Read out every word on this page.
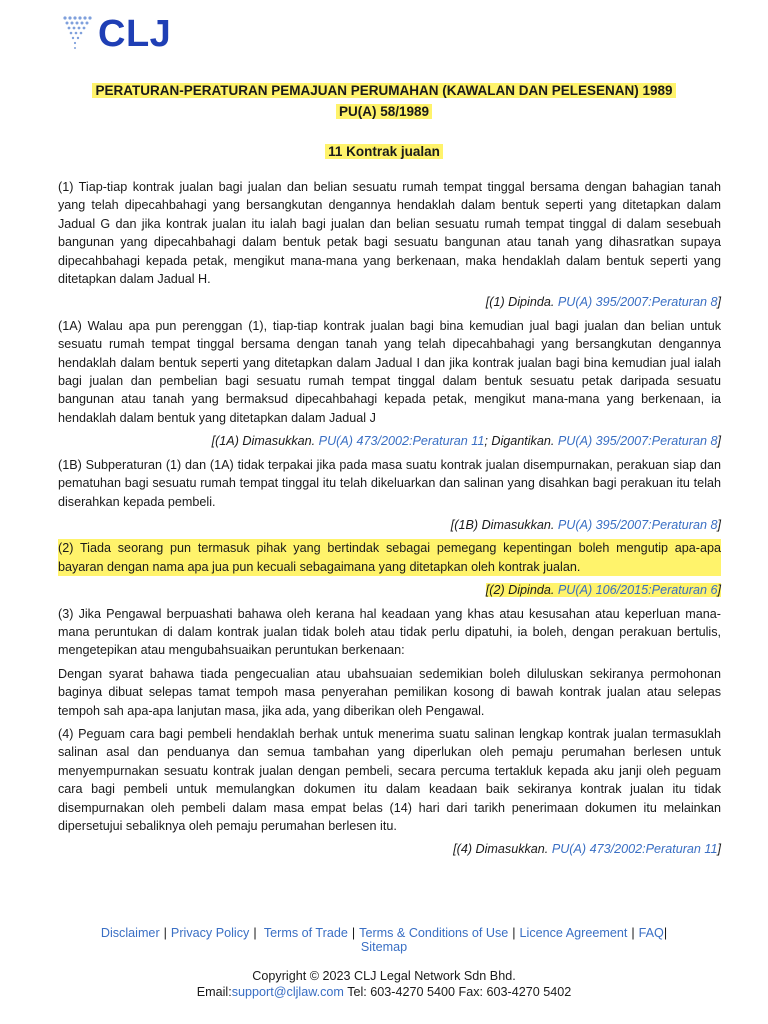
CLJ
PERATURAN-PERATURAN PEMAJUAN PERUMAHAN (KAWALAN DAN PELESENAN) 1989
PU(A) 58/1989
11 Kontrak jualan

(1) Tiap-tiap kontrak jualan bagi jualan dan belian sesuatu rumah tempat tinggal bersama dengan bahagian tanah yang telah dipecahbahagi yang bersangkutan dengannya hendaklah dalam bentuk seperti yang ditetapkan dalam Jadual G dan jika kontrak jualan itu ialah bagi jualan dan belian sesuatu rumah tempat tinggal di dalam sesebuah bangunan yang dipecahbahagi dalam bentuk petak bagi sesuatu bangunan atau tanah yang dihasratkan supaya dipecahbahagi kepada petak, mengikut mana-mana yang berkenaan, maka hendaklah dalam bentuk seperti yang ditetapkan dalam Jadual H.

[(1) Dipinda. PU(A) 395/2007:Peraturan 8]

(1A) Walau apa pun perenggan (1), tiap-tiap kontrak jualan bagi bina kemudian jual bagi jualan dan belian untuk sesuatu rumah tempat tinggal bersama dengan tanah yang telah dipecahbahagi yang bersangkutan dengannya hendaklah dalam bentuk seperti yang ditetapkan dalam Jadual I dan jika kontrak jualan bagi bina kemudian jual ialah bagi jualan dan pembelian bagi sesuatu rumah tempat tinggal dalam bentuk sesuatu petak daripada sesuatu bangunan atau tanah yang bermaksud dipecahbahagi kepada petak, mengikut mana-mana yang berkenaan, ia hendaklah dalam bentuk yang ditetapkan dalam Jadual J

[(1A) Dimasukkan. PU(A) 473/2002:Peraturan 11; Digantikan. PU(A) 395/2007:Peraturan 8]

(1B) Subperaturan (1) dan (1A) tidak terpakai jika pada masa suatu kontrak jualan disempurnakan, perakuan siap dan pematuhan bagi sesuatu rumah tempat tinggal itu telah dikeluarkan dan salinan yang disahkan bagi perakuan itu telah diserahkan kepada pembeli.

[(1B) Dimasukkan. PU(A) 395/2007:Peraturan 8]

(2) Tiada seorang pun termasuk pihak yang bertindak sebagai pemegang kepentingan boleh mengutip apa-apa bayaran dengan nama apa jua pun kecuali sebagaimana yang ditetapkan oleh kontrak jualan.

[(2) Dipinda. PU(A) 106/2015:Peraturan 6]

(3) Jika Pengawal berpuashati bahawa oleh kerana hal keadaan yang khas atau kesusahan atau keperluan mana-mana peruntukan di dalam kontrak jualan tidak boleh atau tidak perlu dipatuhi, ia boleh, dengan perakuan bertulis, mengetepikan atau mengubahsuaikan peruntukan berkenaan:

Dengan syarat bahawa tiada pengecualian atau ubahsuaian sedemikian boleh diluluskan sekiranya permohonan baginya dibuat selepas tamat tempoh masa penyerahan pemilikan kosong di bawah kontrak jualan atau selepas tempoh sah apa-apa lanjutan masa, jika ada, yang diberikan oleh Pengawal.

(4) Peguam cara bagi pembeli hendaklah berhak untuk menerima suatu salinan lengkap kontrak jualan termasuklah salinan asal dan penduanya dan semua tambahan yang diperlukan oleh pemaju perumahan berlesen untuk menyempurnakan sesuatu kontrak jualan dengan pembeli, secara percuma tertakluk kepada aku janji oleh peguam cara bagi pembeli untuk memulangkan dokumen itu dalam keadaan baik sekiranya kontrak jualan itu tidak disempurnakan oleh pembeli dalam masa empat belas (14) hari dari tarikh penerimaan dokumen itu melainkan dipersetujui sebaliknya oleh pemaju perumahan berlesen itu.

[(4) Dimasukkan. PU(A) 473/2002:Peraturan 11]

Disclaimer | Privacy Policy | Terms of Trade | Terms & Conditions of Use | Licence Agreement | FAQ|
Sitemap
Copyright © 2023 CLJ Legal Network Sdn Bhd.
Email:support@cljlaw.com Tel: 603-4270 5400 Fax: 603-4270 5402
